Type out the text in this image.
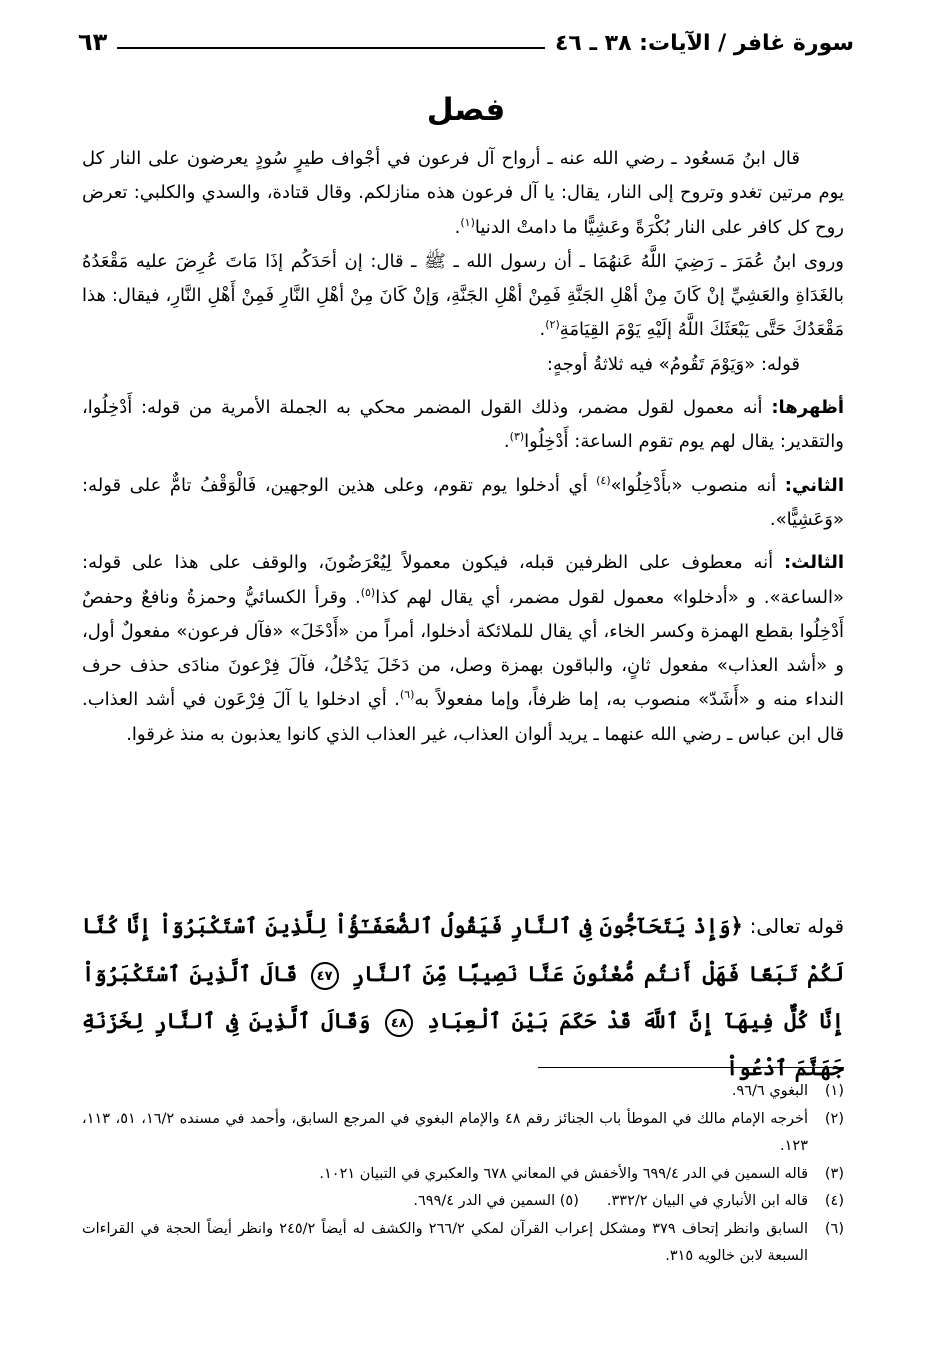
سورة غافر / الآيات: ٣٨ ـ ٤٦
٦٣
فصل

قال ابنُ مَسعُود ـ رضي الله عنه ـ أرواح آل فرعون في أجْواف طيرٍ سُودٍ يعرضون على النار كل يوم مرتين تغدو وتروح إلى النار، يقال: يا آل فرعون هذه منازلكم. وقال قتادة، والسدي والكلبي: تعرض روح كل كافر على النار بُكْرَةً وعَشِيًّا ما دامتْ الدنيا$^{(١)}$.

وروى ابنُ عُمَرَ ـ رَضِيَ اللَّهُ عَنهُمَا ـ أن رسول الله ـ ﷺ ـ قال: إن أحَدَكُم إذَا مَاتَ عُرِضَ عليه مَقْعَدُهُ بالغَدَاةِ والعَشِيِّ إنْ كَانَ مِنْ أهْلِ الجَنَّةِ فَمِنْ أهْلِ الجَنَّةِ، وَإنْ كَانَ مِنْ أهْلِ النَّارِ فَمِنْ أَهْلِ النَّارِ، فيقال: هذا مَقْعَدُكَ حَتَّى يَبْعَثَكَ اللَّهُ إلَيْهِ يَوْمَ القِيَامَةِ$^{(٢)}$.

قوله: «وَيَوْمَ تَقُومُ» فيه ثلاثةُ أوجهٍ:

أظهرها: أنه معمول لقول مضمر، وذلك القول المضمر محكي به الجملة الأمرية من قوله: أَدْخِلُوا، والتقدير: يقال لهم يوم تقوم الساعة: أَدْخِلُوا$^{(٣)}$.

الثاني: أنه منصوب «بأَدْخِلُوا»$^{(٤)}$ أي أدخلوا يوم تقوم، وعلى هذين الوجهين، فَالْوَقْفُ تامٌّ على قوله: «وَعَشِيًّا».

الثالث: أنه معطوف على الظرفين قبله، فيكون معمولاً لِيُعْرَضُونَ، والوقف على هذا على قوله: «الساعة». و «أدخلوا» معمول لقول مضمر، أي يقال لهم كذا$^{(٥)}$. وقرأ الكسائيُّ وحمزةُ ونافعٌ وحفصٌ أَدْخِلُوا بقطع الهمزة وكسر الخاء، أي يقال للملائكة أدخلوا، أمراً من «أَدْخَلَ» «فآل فرعون» مفعولٌ أول، و «أشد العذاب» مفعول ثانٍ، والباقون بهمزة وصل، من دَخَلَ يَدْخُلُ، فآلَ فِرْعونَ منادَى حذف حرف النداء منه و «أَشَدّ» منصوب به، إما ظرفاً، وإما مفعولاً به$^{(٦)}$. أي ادخلوا يا آلَ فِرْعَون في أشد العذاب. قال ابن عباس ـ رضي الله عنهما ـ يريد ألوان العذاب، غير العذاب الذي كانوا يعذبون به منذ غرقوا.

قوله تعالى: ﴿وَإِذْ يَتَحَآجُّونَ فِى ٱلنَّارِ فَيَقُولُ ٱلضُّعَفَـٰٓؤُاْ لِلَّذِينَ ٱسْتَكْبَرُوٓاْ إِنَّا كُنَّا لَكُمْ تَبَعًا فَهَلْ أَنتُم مُّغْنُونَ عَنَّا نَصِيبًا مِّنَ ٱلنَّارِ ٤٧ قَالَ ٱلَّذِينَ ٱسْتَكْبَرُوٓاْ إِنَّا كُلٌّ فِيهَآ إِنَّ ٱللَّهَ قَدْ حَكَمَ بَيْنَ ٱلْعِبَادِ ٤٨ وَقَالَ ٱلَّذِينَ فِى ٱلنَّارِ لِخَزَنَةِ جَهَنَّمَ ٱدْعُواْ
(١)
البغوي ٩٦/٦.
(٢)
أخرجه الإمام مالك في الموطأ باب الجنائز رقم ٤٨ والإمام البغوي في المرجع السابق، وأحمد في مسنده ١٦/٢، ٥١، ١١٣، ١٢٣.
(٣)
قاله السمين في الدر ٦٩٩/٤ والأخفش في المعاني ٦٧٨ والعكبري في التبيان ١٠٢١.
(٤)
قاله ابن الأنباري في البيان ٣٣٢/٢.(٥) السمين في الدر ٦٩٩/٤.
(٦)
السابق وانظر إتحاف ٣٧٩ ومشكل إعراب القرآن لمكي ٢٦٦/٢ والكشف له أيضاً ٢٤٥/٢ وانظر أيضاً الحجة في القراءات السبعة لابن خالويه ٣١٥.
